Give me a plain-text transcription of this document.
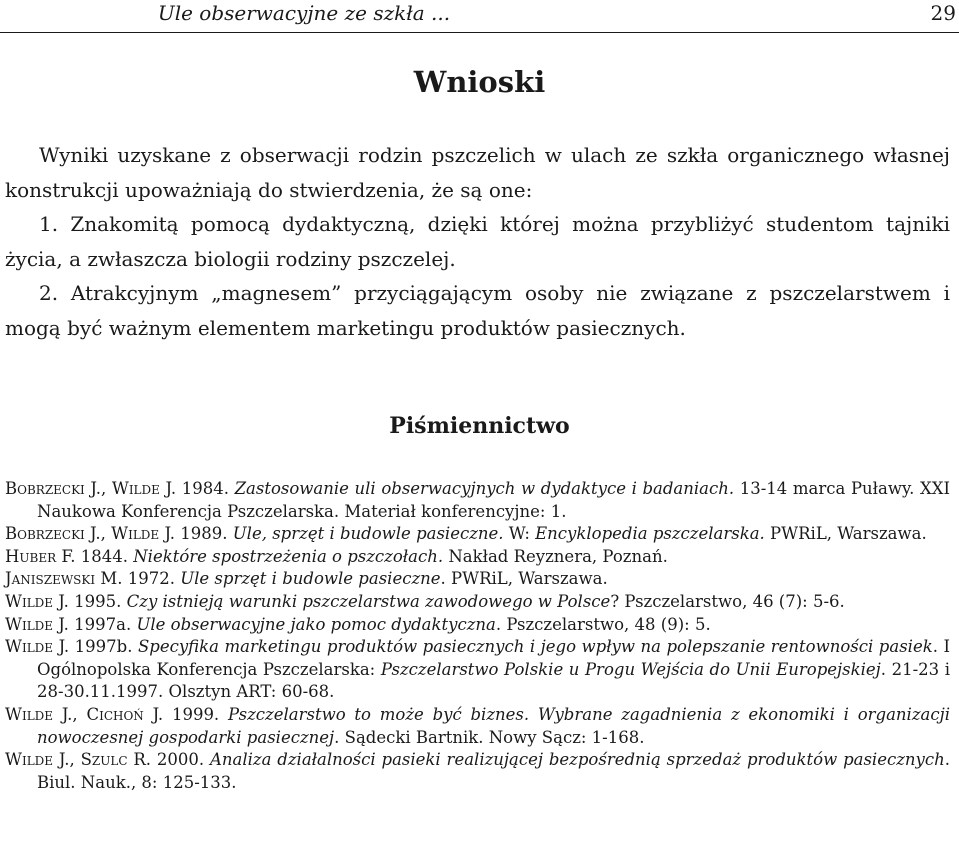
Ule obserwacyjne ze szkła ...	29
Wnioski

Wyniki uzyskane z obserwacji rodzin pszczelich w ulach ze szkła organicznego własnej konstrukcji upoważniają do stwierdzenia, że są one:

1. Znakomitą pomocą dydaktyczną, dzięki której można przybliżyć studentom tajniki życia, a zwłaszcza biologii rodziny pszczelej.

2. Atrakcyjnym „magnesem” przyciągającym osoby nie związane z pszczelarstwem i mogą być ważnym elementem marketingu produktów pasiecznych.

Piśmiennictwo

Bobrzecki J., Wilde J. 1984. Zastosowanie uli obserwacyjnych w dydaktyce i badaniach. 13-14 marca Puławy. XXI Naukowa Konferencja Pszczelarska. Materiał konferencyjne: 1.

Bobrzecki J., Wilde J. 1989. Ule, sprzęt i budowle pasieczne. W: Encyklopedia pszczelarska. PWRiL, Warszawa.

Huber F. 1844. Niektóre spostrzeżenia o pszczołach. Nakład Reyznera, Poznań.

Janiszewski M. 1972. Ule sprzęt i budowle pasieczne. PWRiL, Warszawa.

Wilde J. 1995. Czy istnieją warunki pszczelarstwa zawodowego w Polsce? Pszczelarstwo, 46 (7): 5-6.

Wilde J. 1997a. Ule obserwacyjne jako pomoc dydaktyczna. Pszczelarstwo, 48 (9): 5.

Wilde J. 1997b. Specyfika marketingu produktów pasiecznych i jego wpływ na polepszanie rentowności pasiek. I Ogólnopolska Konferencja Pszczelarska: Pszczelarstwo Polskie u Progu Wejścia do Unii Europejskiej. 21-23 i 28-30.11.1997. Olsztyn ART: 60-68.

Wilde J., Cichoń J. 1999. Pszczelarstwo to może być biznes. Wybrane zagadnienia z ekonomiki i organizacji nowoczesnej gospodarki pasiecznej. Sądecki Bartnik. Nowy Sącz: 1-168.

Wilde J., Szulc R. 2000. Analiza działalności pasieki realizującej bezpośrednią sprzedaż produktów pasiecznych. Biul. Nauk., 8: 125-133.
